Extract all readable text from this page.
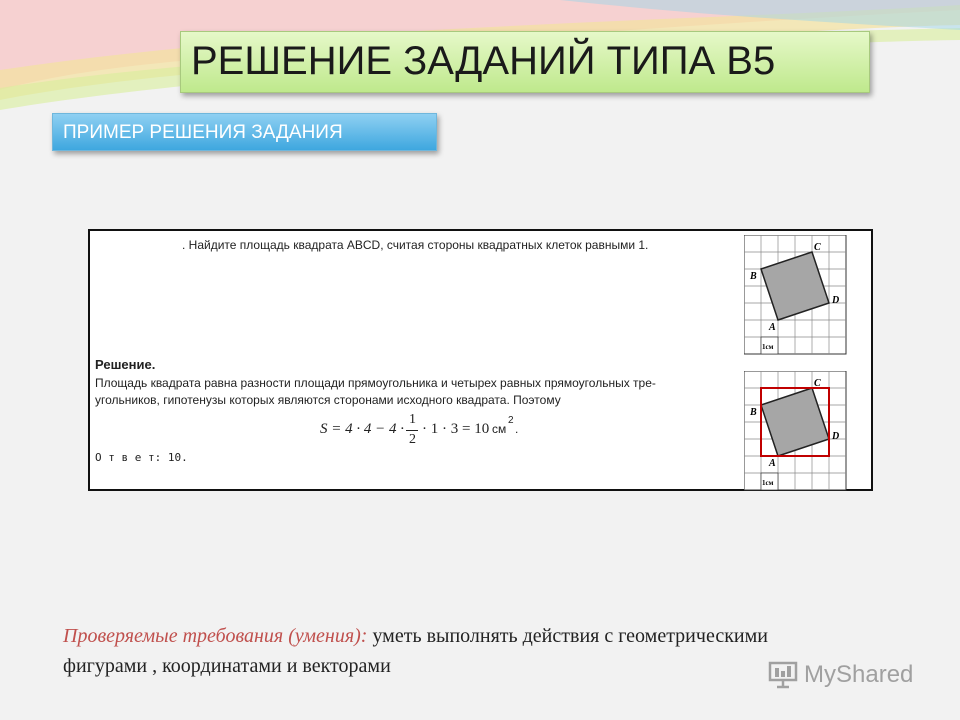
РЕШЕНИЕ ЗАДАНИЙ ТИПА В5
ПРИМЕР РЕШЕНИЯ ЗАДАНИЯ
. Найдите площадь квадрата ABCD, считая стороны квадратных клеток равными 1.
Решение.
Площадь квадрата равна разности площади прямоугольника и четырех равных прямоугольных тре-
угольников, гипотенузы которых являются сторонами исходного квадрата. Поэтому
S = 4 · 4 − 4 ·
1
2
· 1 · 3 = 10 см
2
.
О т в е т: 10.
A
B
C
D
1см
A
B
C
D
1см
Проверяемые требования (умения): уметь выполнять действия с геометрическими фигурами , координатами и векторами	MyShared
